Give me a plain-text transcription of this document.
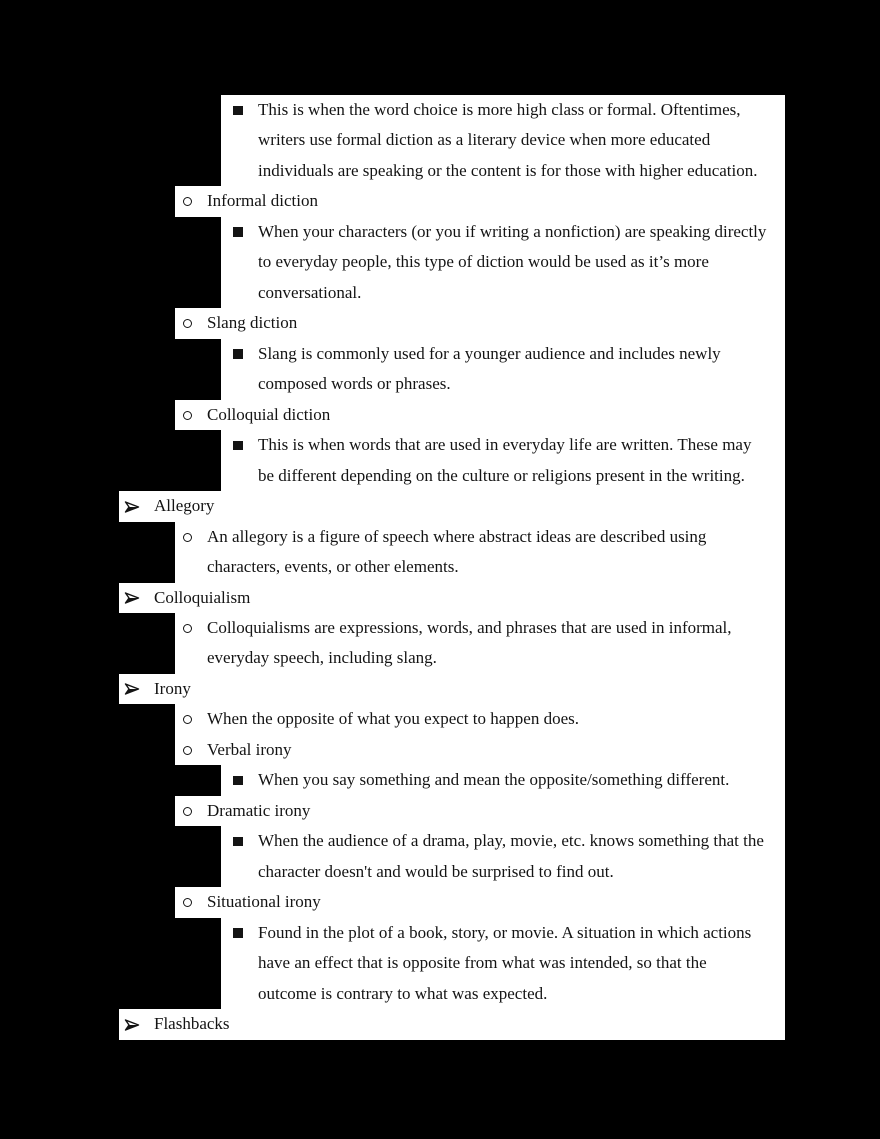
This is when the word choice is more high class or formal. Oftentimes,
writers use formal diction as a literary device when more educated
individuals are speaking or the content is for those with higher education.
Informal diction
When your characters (or you if writing a nonfiction) are speaking directly
to everyday people, this type of diction would be used as it’s more
conversational.
Slang diction
Slang is commonly used for a younger audience and includes newly
composed words or phrases.
Colloquial diction
This is when words that are used in everyday life are written. These may
be different depending on the culture or religions present in the writing.
Allegory
An allegory is a figure of speech where abstract ideas are described using
characters, events, or other elements.
Colloquialism
Colloquialisms are expressions, words, and phrases that are used in informal,
everyday speech, including slang.
Irony
When the opposite of what you expect to happen does.
Verbal irony
When you say something and mean the opposite/something different.
Dramatic irony
When the audience of a drama, play, movie, etc. knows something that the
character doesn't and would be surprised to find out.
Situational irony
Found in the plot of a book, story, or movie. A situation in which actions
have an effect that is opposite from what was intended, so that the
outcome is contrary to what was expected.
Flashbacks
